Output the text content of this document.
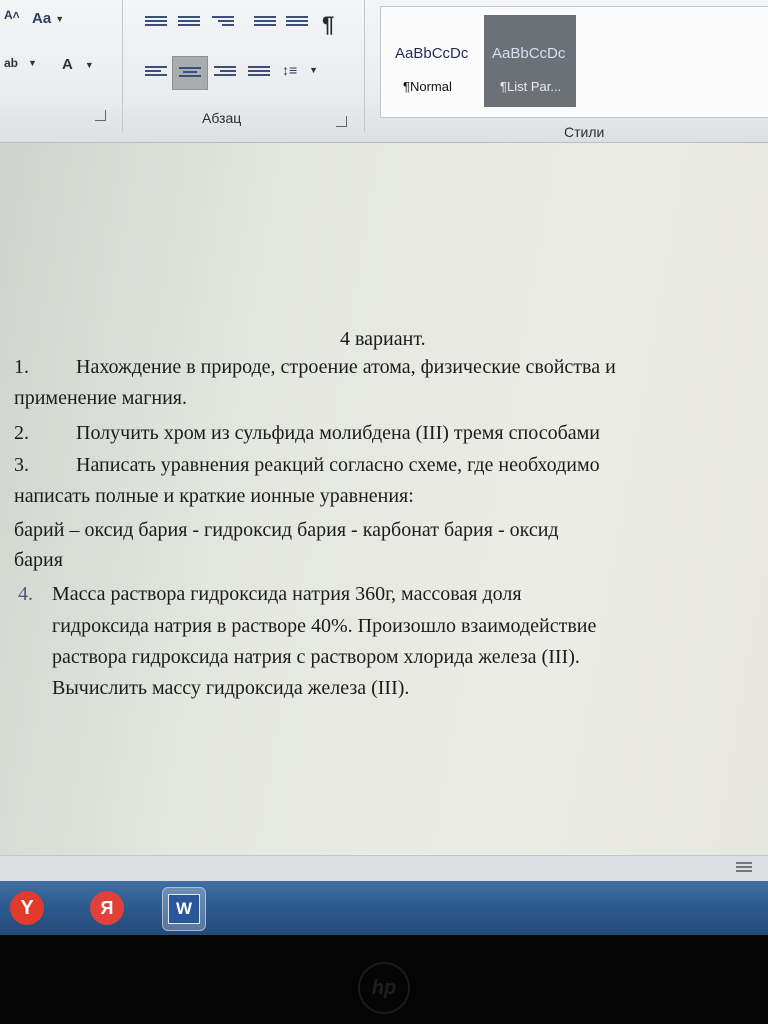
A˄ Aa ▼
ab ▼ A ▼
¶
↕≡ ▼
Абзац
AaBbCcDc
¶Normal
AaBbCcDc
¶List Par...
Стили
4 вариант.
1. Нахождение в природе, строение атома, физические свойства и
применение магния.
2. Получить хром из сульфида молибдена (III) тремя способами
3. Написать уравнения реакций согласно схеме, где необходимо
написать полные и краткие ионные уравнения:
барий – оксид бария - гидроксид бария - карбонат бария - оксид
бария
4. Масса раствора гидроксида натрия 360г, массовая доля
гидроксида натрия в растворе 40%. Произошло взаимодействие
раствора гидроксида натрия с раствором хлорида железа (III).
Вычислить массу гидроксида железа (III).
Y	Я	W
hp
